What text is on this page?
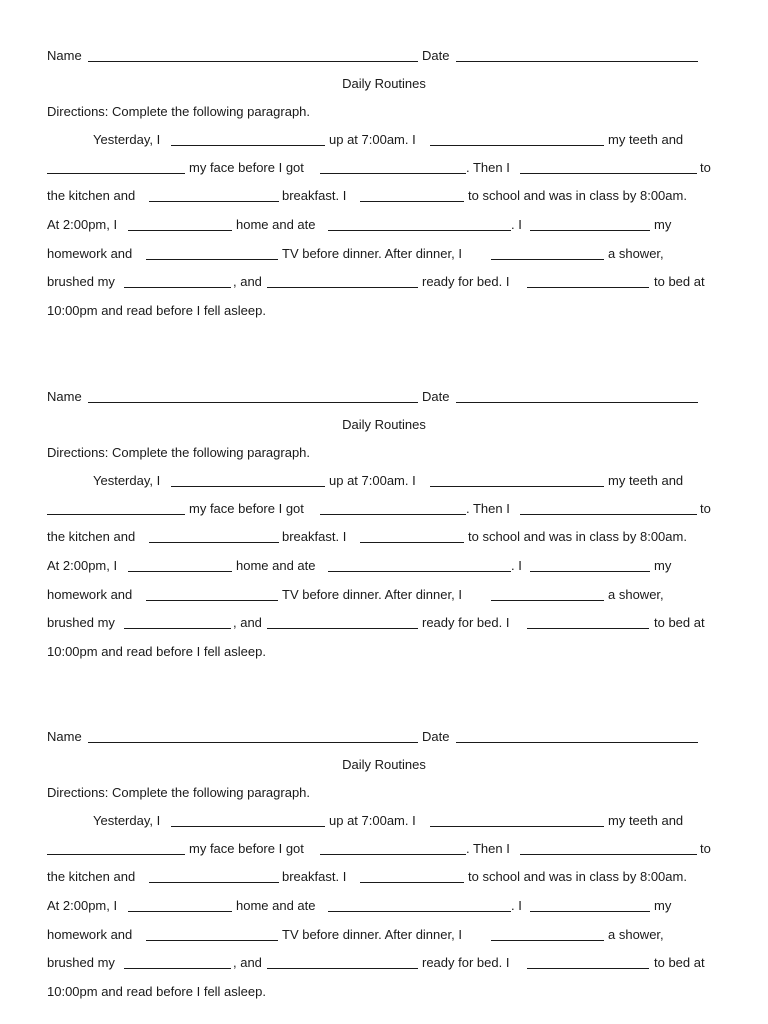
Name	Date
Daily Routines
Directions: Complete the following paragraph.
Yesterday, I	up at 7:00am. I	my teeth and
my face before I got	. Then I	to
the kitchen and	breakfast. I	to school and was in class by 8:00am.
At 2:00pm, I	home and ate	. I	my
homework and	TV before dinner. After dinner, I	a shower,
brushed my	, and	ready for bed. I	to bed at
10:00pm and read before I fell asleep.
Name	Date
Daily Routines
Directions: Complete the following paragraph.
Yesterday, I	up at 7:00am. I	my teeth and
my face before I got	. Then I	to
the kitchen and	breakfast. I	to school and was in class by 8:00am.
At 2:00pm, I	home and ate	. I	my
homework and	TV before dinner. After dinner, I	a shower,
brushed my	, and	ready for bed. I	to bed at
10:00pm and read before I fell asleep.
Name	Date
Daily Routines
Directions: Complete the following paragraph.
Yesterday, I	up at 7:00am. I	my teeth and
my face before I got	. Then I	to
the kitchen and	breakfast. I	to school and was in class by 8:00am.
At 2:00pm, I	home and ate	. I	my
homework and	TV before dinner. After dinner, I	a shower,
brushed my	, and	ready for bed. I	to bed at
10:00pm and read before I fell asleep.
